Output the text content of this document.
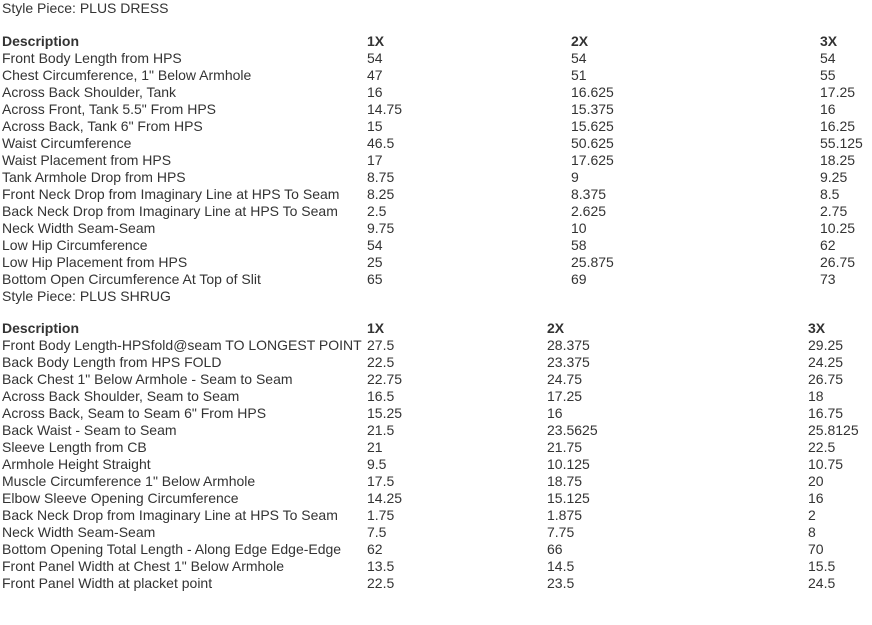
Style Piece: PLUS DRESS
Description	1X	2X	3X
Front Body Length from HPS	54	54	54
Chest Circumference, 1" Below Armhole	47	51	55
Across Back Shoulder, Tank	16	16.625	17.25
Across Front, Tank 5.5" From HPS	14.75	15.375	16
Across Back, Tank 6" From HPS	15	15.625	16.25
Waist Circumference	46.5	50.625	55.125
Waist Placement from HPS	17	17.625	18.25
Tank Armhole Drop from HPS	8.75	9	9.25
Front Neck Drop from Imaginary Line at HPS To Seam	8.25	8.375	8.5
Back Neck Drop from Imaginary Line at HPS To Seam	2.5	2.625	2.75
Neck Width Seam-Seam	9.75	10	10.25
Low Hip Circumference	54	58	62
Low Hip Placement from HPS	25	25.875	26.75
Bottom Open Circumference At Top of Slit	65	69	73
Style Piece: PLUS SHRUG
Description	1X	2X	3X
Front Body Length-HPSfold@seam TO LONGEST POINT	27.5	28.375	29.25
Back Body Length from HPS FOLD	22.5	23.375	24.25
Back Chest 1" Below Armhole - Seam to Seam	22.75	24.75	26.75
Across Back Shoulder, Seam to Seam	16.5	17.25	18
Across Back, Seam to Seam 6" From HPS	15.25	16	16.75
Back Waist - Seam to Seam	21.5	23.5625	25.8125
Sleeve Length from CB	21	21.75	22.5
Armhole Height Straight	9.5	10.125	10.75
Muscle Circumference 1" Below Armhole	17.5	18.75	20
Elbow Sleeve Opening Circumference	14.25	15.125	16
Back Neck Drop from Imaginary Line at HPS To Seam	1.75	1.875	2
Neck Width Seam-Seam	7.5	7.75	8
Bottom Opening Total Length - Along Edge Edge-Edge	62	66	70
Front Panel Width at Chest 1" Below Armhole	13.5	14.5	15.5
Front Panel Width at placket point	22.5	23.5	24.5
